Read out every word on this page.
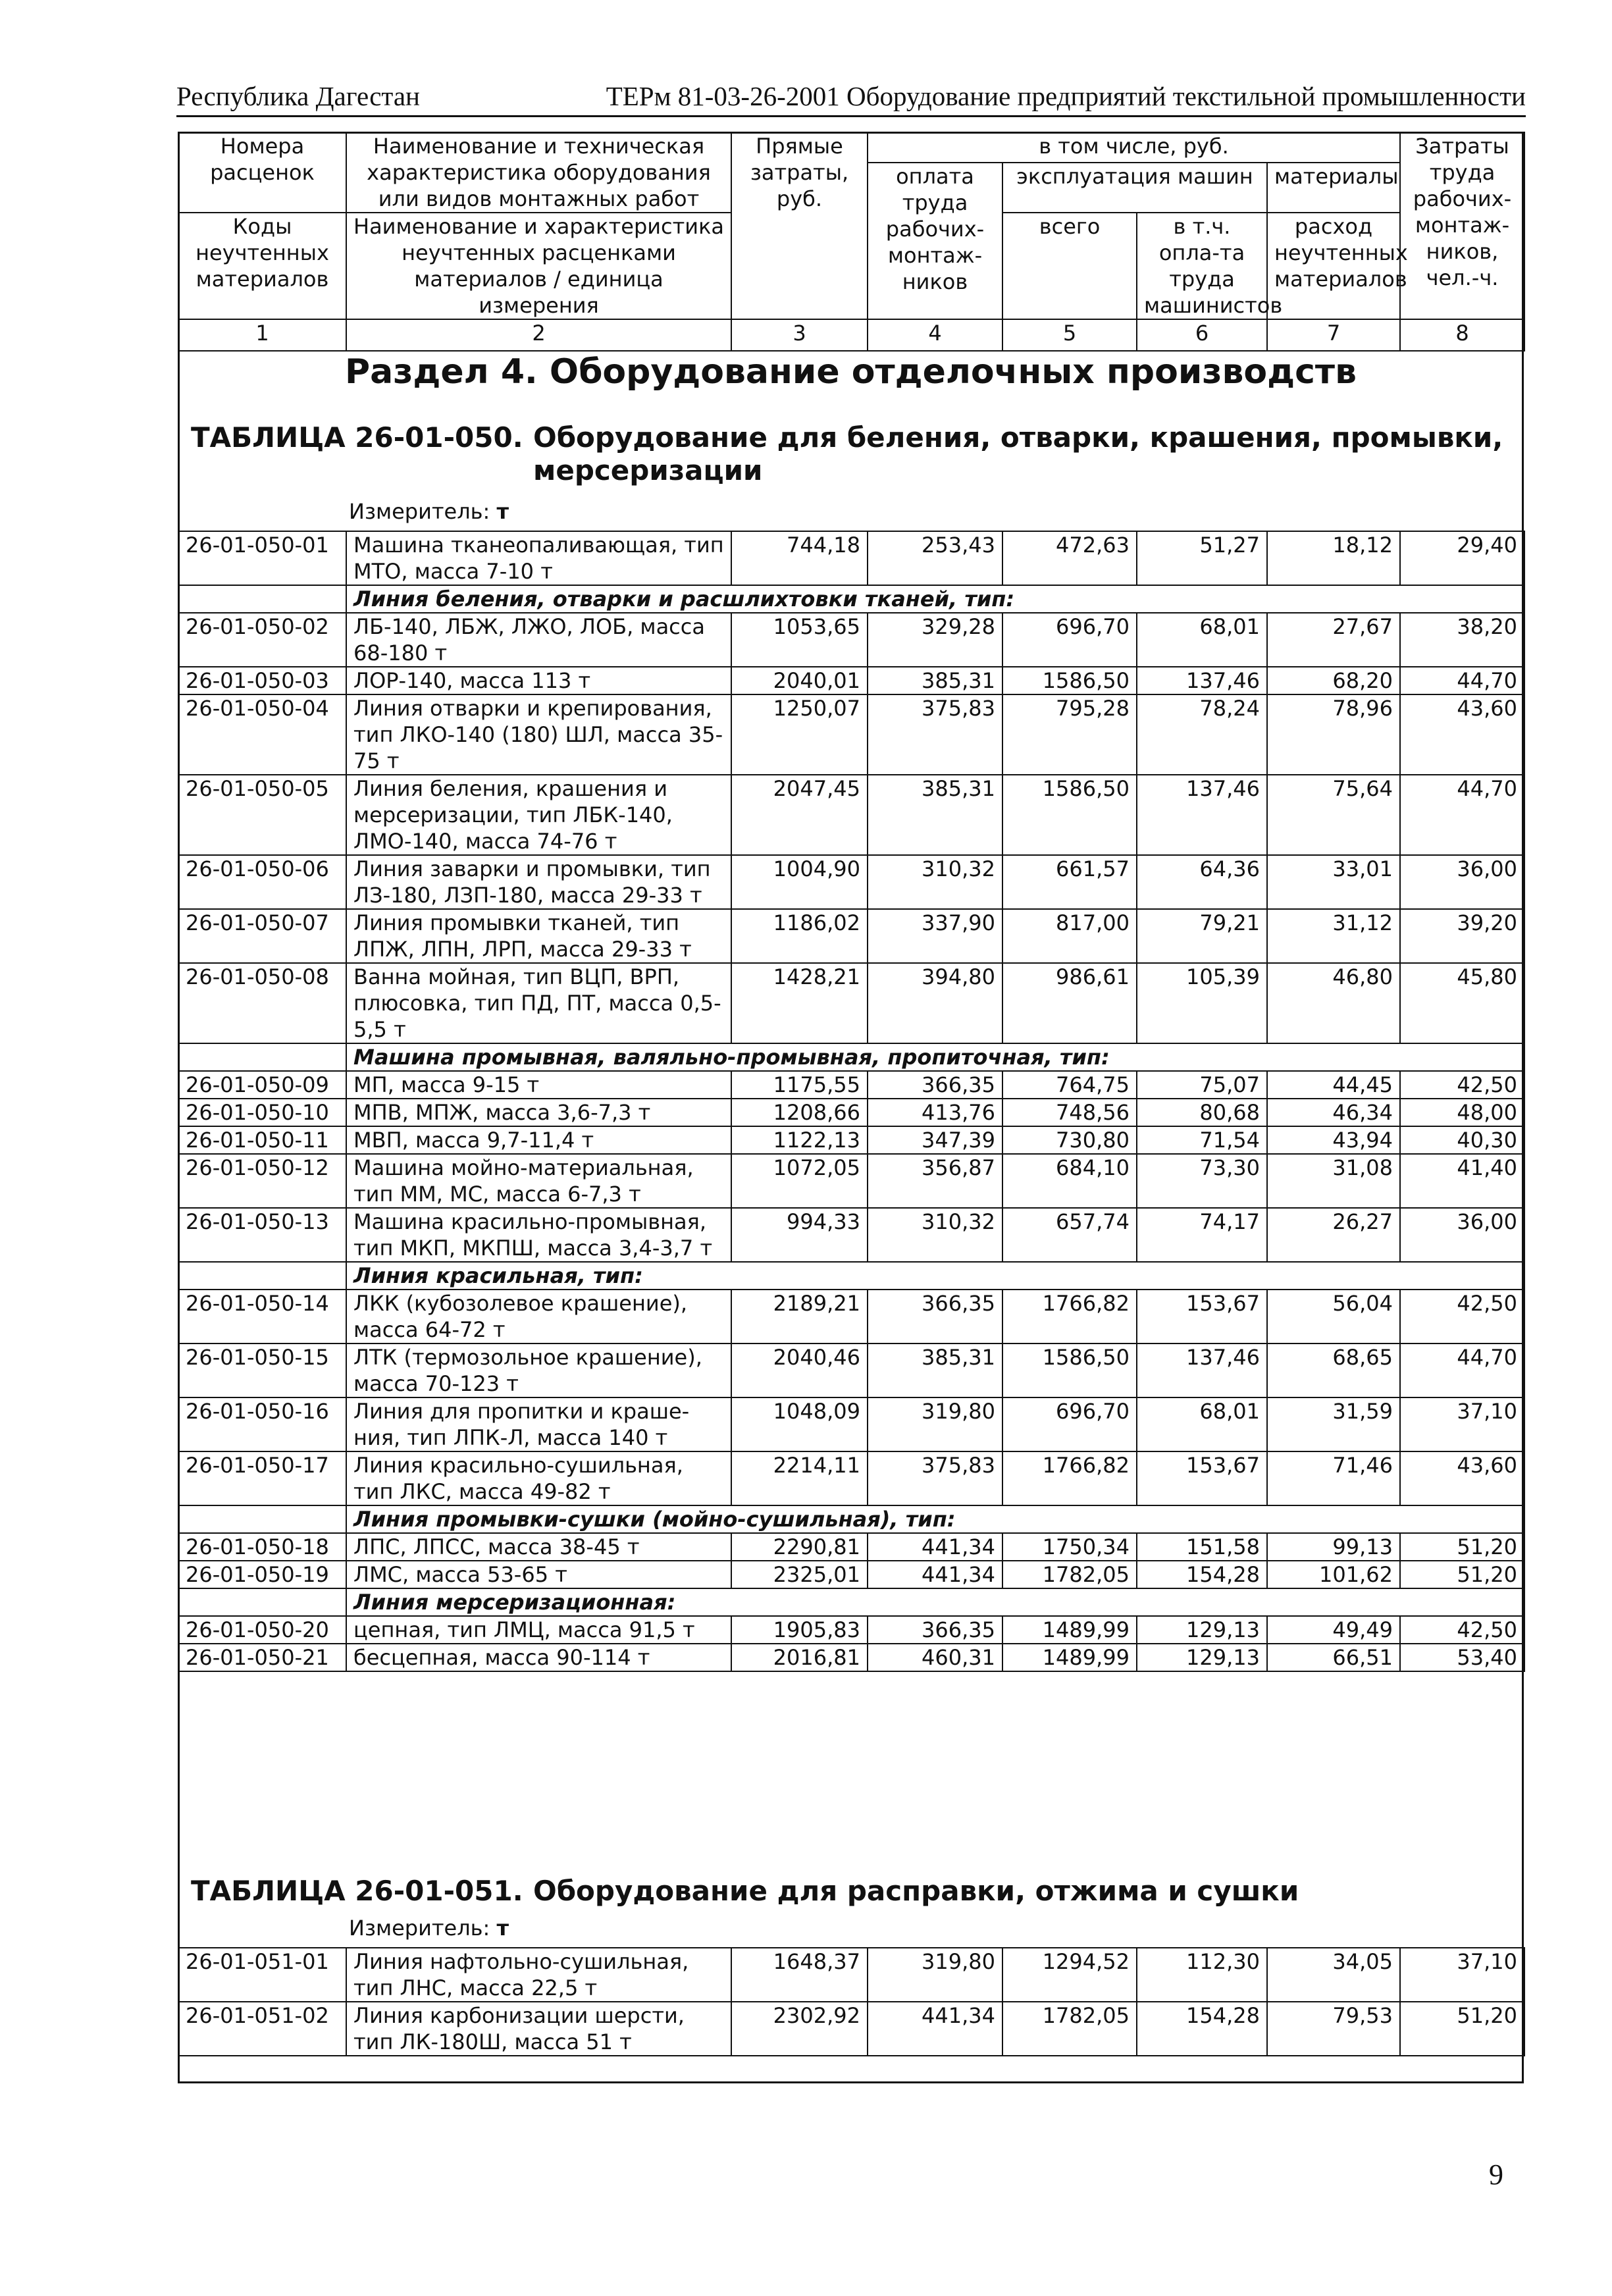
Республика Дагестан	ТЕРм 81-03-26-2001 Оборудование предприятий текстильной промышленности
Номера расценок	Наименование и техническая характеристика оборудования или видов монтажных работ	Прямые затраты, руб.	в том числе, руб.				Затраты труда рабочих-монтаж-ников, чел.-ч.
			оплата труда рабочих-монтаж-ников	эксплуатация машин		материалы	

Коды неучтенных материалов	Наименование и характеристика неучтенных расценками материалов / единица измерения			всего	в т.ч. опла-та труда машинистов	расход неучтенных материалов	

1	2	3	4	5	6	7	8
Раздел 4. Оборудование отделочных производств
ТАБЛИЦА 26-01-050. Оборудование для беления, отварки, крашения, промывки, мерсеризации
Измеритель: т
26-01-050-01	Машина тканеопаливающая, тип МТО, масса 7-10 т	744,18	253,43	472,63	51,27	18,12	29,40
	Линия беления, отварки и расшлихтовки тканей, тип:						
26-01-050-02	ЛБ-140, ЛБЖ, ЛЖО, ЛОБ, масса 68-180 т	1053,65	329,28	696,70	68,01	27,67	38,20
26-01-050-03	ЛОР-140, масса 113 т	2040,01	385,31	1586,50	137,46	68,20	44,70
26-01-050-04	Линия отварки и крепирования, тип ЛКО-140 (180) ШЛ, масса 35-75 т	1250,07	375,83	795,28	78,24	78,96	43,60
26-01-050-05	Линия беления, крашения и мерсеризации, тип ЛБК-140, ЛМО-140, масса 74-76 т	2047,45	385,31	1586,50	137,46	75,64	44,70
26-01-050-06	Линия заварки и промывки, тип ЛЗ-180, ЛЗП-180, масса 29-33 т	1004,90	310,32	661,57	64,36	33,01	36,00
26-01-050-07	Линия промывки тканей, тип ЛПЖ, ЛПН, ЛРП, масса 29-33 т	1186,02	337,90	817,00	79,21	31,12	39,20
26-01-050-08	Ванна мойная, тип ВЦП, ВРП, плюсовка, тип ПД, ПТ, масса 0,5-5,5 т	1428,21	394,80	986,61	105,39	46,80	45,80
	Машина промывная, валяльно-промывная, пропиточная, тип:						
26-01-050-09	МП, масса 9-15 т	1175,55	366,35	764,75	75,07	44,45	42,50
26-01-050-10	МПВ, МПЖ, масса 3,6-7,3 т	1208,66	413,76	748,56	80,68	46,34	48,00
26-01-050-11	МВП, масса 9,7-11,4 т	1122,13	347,39	730,80	71,54	43,94	40,30
26-01-050-12	Машина мойно-материальная, тип ММ, МС, масса 6-7,3 т	1072,05	356,87	684,10	73,30	31,08	41,40
26-01-050-13	Машина красильно-промывная, тип МКП, МКПШ, масса 3,4-3,7 т	994,33	310,32	657,74	74,17	26,27	36,00
	Линия красильная, тип:						
26-01-050-14	ЛКК (кубозолевое крашение), масса 64-72 т	2189,21	366,35	1766,82	153,67	56,04	42,50
26-01-050-15	ЛТК (термозольное крашение), масса 70-123 т	2040,46	385,31	1586,50	137,46	68,65	44,70
26-01-050-16	Линия для пропитки и краше-ния, тип ЛПК-Л, масса 140 т	1048,09	319,80	696,70	68,01	31,59	37,10
26-01-050-17	Линия красильно-сушильная, тип ЛКС, масса 49-82 т	2214,11	375,83	1766,82	153,67	71,46	43,60
	Линия промывки-сушки (мойно-сушильная), тип:						
26-01-050-18	ЛПС, ЛПСС, масса 38-45 т	2290,81	441,34	1750,34	151,58	99,13	51,20
26-01-050-19	ЛМС, масса 53-65 т	2325,01	441,34	1782,05	154,28	101,62	51,20
	Линия мерсеризационная:						
26-01-050-20	цепная, тип ЛМЦ, масса 91,5 т	1905,83	366,35	1489,99	129,13	49,49	42,50
26-01-050-21	бесцепная, масса 90-114 т	2016,81	460,31	1489,99	129,13	66,51	53,40
ТАБЛИЦА 26-01-051. Оборудование для расправки, отжима и сушки
Измеритель: т
26-01-051-01	Линия нафтольно-сушильная, тип ЛНС, масса 22,5 т	1648,37	319,80	1294,52	112,30	34,05	37,10
26-01-051-02	Линия карбонизации шерсти, тип ЛК-180Ш, масса 51 т	2302,92	441,34	1782,05	154,28	79,53	51,20
9
